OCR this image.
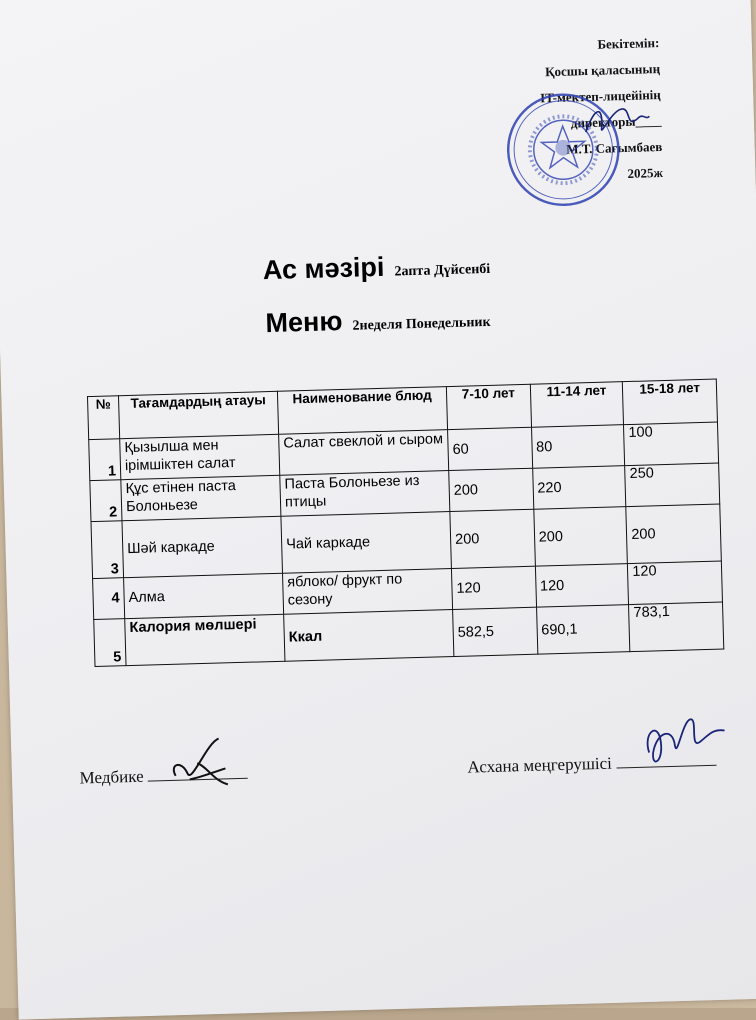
Бекітемін:
Қосшы қаласының
IT-мектеп-лицейінің
директоры____
М.Т. Сағымбаев
2025ж
Ас мәзірі 2апта Дүйсенбі
Меню 2неделя Понедельник
№	Тағамдардың атауы	Наименование блюд	7-10 лет	11-14 лет	15-18 лет
1	Қызылша мен ірімшіктен салат	Салат свеклой и сыром	60	80	100
2	Құс етінен паста Болоньезе	Паста Болоньезе из птицы	200	220	250
3	Шәй каркаде	Чай каркаде	200	200	200
4	Алма	яблоко/ фрукт по сезону	120	120	120
5	Калория мөлшері	Ккал	582,5	690,1	783,1
Медбике
Асхана меңгерушісі
